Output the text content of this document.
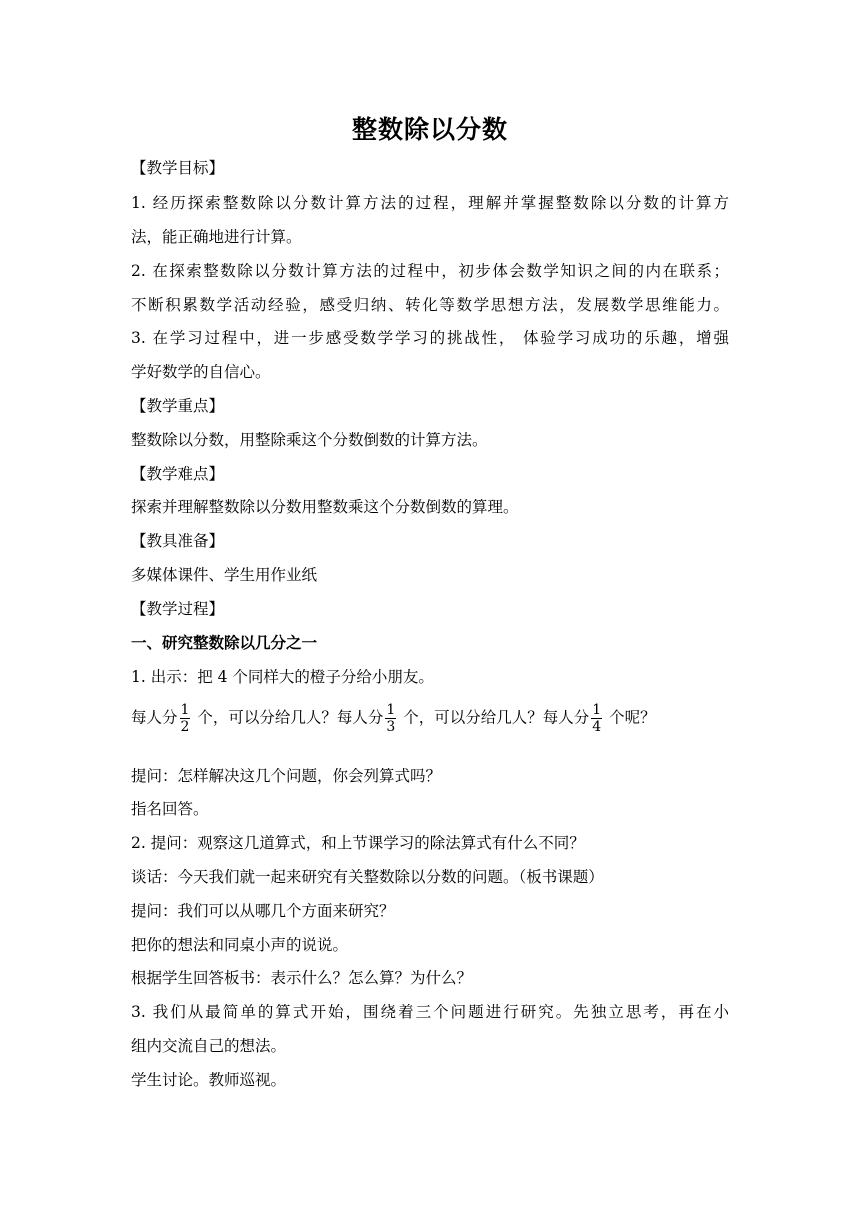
整数除以分数
【教学目标】
1. 经历探索整数除以分数计算方法的过程，理解并掌握整数除以分数的计算方
法，能正确地进行计算。
2. 在探索整数除以分数计算方法的过程中，初步体会数学知识之间的内在联系；
不断积累数学活动经验，感受归纳、转化等数学思想方法，发展数学思维能力。
3. 在学习过程中，进一步感受数学学习的挑战性， 体验学习成功的乐趣，增强
学好数学的自信心。
【教学重点】
整数除以分数，用整除乘这个分数倒数的计算方法。
【教学难点】
探索并理解整数除以分数用整数乘这个分数倒数的算理。
【教具准备】
多媒体课件、学生用作业纸
【教学过程】
一、研究整数除以几分之一
1. 出示：把 4 个同样大的橙子分给小朋友。
每人分 $\frac{1}{2}$ 个，可以分给几人？每人分 $\frac{1}{3}$ 个，可以分给几人？每人分 $\frac{1}{4}$ 个呢？
提问：怎样解决这几个问题，你会列算式吗？
指名回答。
2. 提问：观察这几道算式，和上节课学习的除法算式有什么不同？
谈话：今天我们就一起来研究有关整数除以分数的问题。（板书课题）
提问：我们可以从哪几个方面来研究？
把你的想法和同桌小声的说说。
根据学生回答板书：表示什么？怎么算？为什么？
3. 我们从最简单的算式开始，围绕着三个问题进行研究。先独立思考，再在小
组内交流自己的想法。
学生讨论。教师巡视。
